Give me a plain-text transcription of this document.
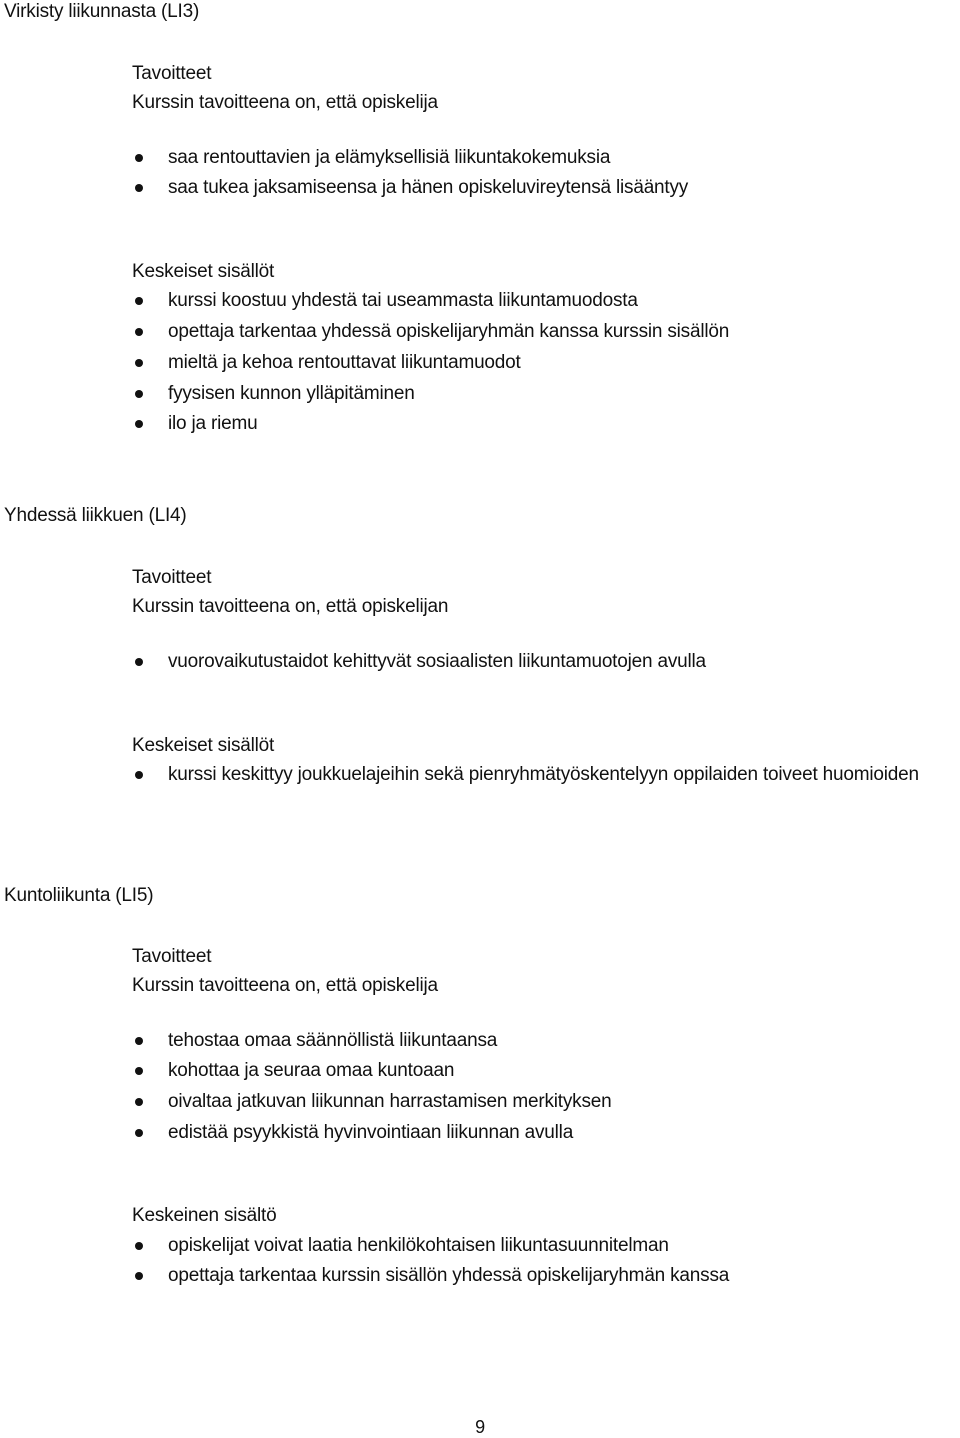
Virkisty liikunnasta (LI3)
Tavoitteet
Kurssin tavoitteena on, että opiskelija
saa rentouttavien ja elämyksellisiä liikuntakokemuksia
saa tukea jaksamiseensa ja hänen opiskeluvireytensä lisääntyy
Keskeiset sisällöt
kurssi koostuu yhdestä tai useammasta liikuntamuodosta
opettaja tarkentaa yhdessä opiskelijaryhmän kanssa kurssin sisällön
mieltä ja kehoa rentouttavat liikuntamuodot
fyysisen kunnon ylläpitäminen
ilo ja riemu
Yhdessä liikkuen (LI4)
Tavoitteet
Kurssin tavoitteena on, että opiskelijan
vuorovaikutustaidot kehittyvät sosiaalisten liikuntamuotojen avulla
Keskeiset sisällöt
kurssi keskittyy joukkuelajeihin sekä pienryhmätyöskentelyyn oppilaiden toiveet huomioiden
Kuntoliikunta (LI5)
Tavoitteet
Kurssin tavoitteena on, että opiskelija
tehostaa omaa säännöllistä liikuntaansa
kohottaa ja seuraa omaa kuntoaan
oivaltaa jatkuvan liikunnan harrastamisen merkityksen
edistää psyykkistä hyvinvointiaan liikunnan avulla
Keskeinen sisältö
opiskelijat voivat laatia henkilökohtaisen liikuntasuunnitelman
opettaja tarkentaa kurssin sisällön yhdessä opiskelijaryhmän kanssa
9
